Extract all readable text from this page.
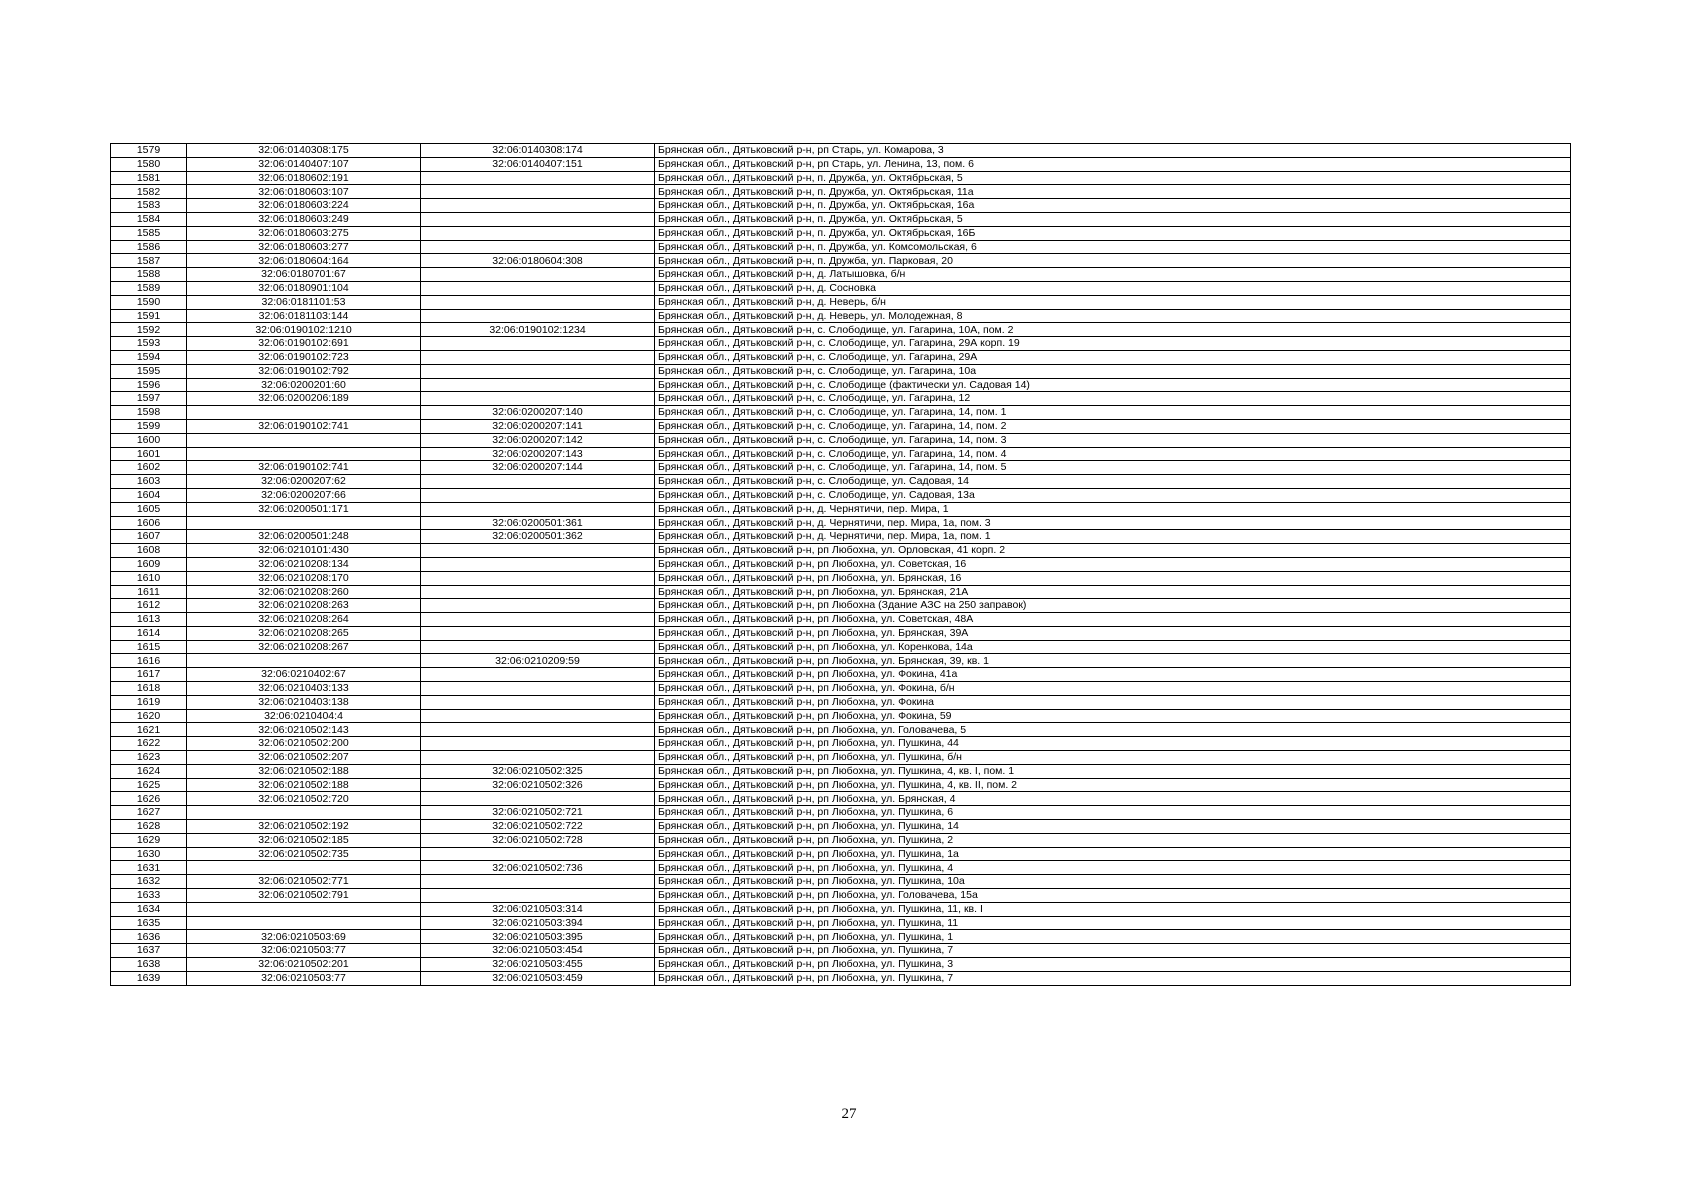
1579	32:06:0140308:175	32:06:0140308:174	Брянская обл., Дятьковский р-н, рп Старь, ул. Комарова, 3
1580	32:06:0140407:107	32:06:0140407:151	Брянская обл., Дятьковский р-н, рп Старь, ул. Ленина, 13, пом. 6
1581	32:06:0180602:191		Брянская обл., Дятьковский р-н, п. Дружба, ул. Октябрьская, 5
1582	32:06:0180603:107		Брянская обл., Дятьковский р-н, п. Дружба, ул. Октябрьская, 11а
1583	32:06:0180603:224		Брянская обл., Дятьковский р-н, п. Дружба, ул. Октябрьская, 16а
1584	32:06:0180603:249		Брянская обл., Дятьковский р-н, п. Дружба, ул. Октябрьская, 5
1585	32:06:0180603:275		Брянская обл., Дятьковский р-н, п. Дружба, ул. Октябрьская, 16Б
1586	32:06:0180603:277		Брянская обл., Дятьковский р-н, п. Дружба, ул. Комсомольская, 6
1587	32:06:0180604:164	32:06:0180604:308	Брянская обл., Дятьковский р-н, п. Дружба, ул. Парковая, 20
1588	32:06:0180701:67		Брянская обл., Дятьковский р-н, д. Латышовка, б/н
1589	32:06:0180901:104		Брянская обл., Дятьковский р-н, д. Сосновка
1590	32:06:0181101:53		Брянская обл., Дятьковский р-н, д. Неверь, б/н
1591	32:06:0181103:144		Брянская обл., Дятьковский р-н, д. Неверь, ул. Молодежная, 8
1592	32:06:0190102:1210	32:06:0190102:1234	Брянская обл., Дятьковский р-н, с. Слободище, ул. Гагарина, 10А, пом. 2
1593	32:06:0190102:691		Брянская обл., Дятьковский р-н, с. Слободище, ул. Гагарина, 29А корп. 19
1594	32:06:0190102:723		Брянская обл., Дятьковский р-н, с. Слободище, ул. Гагарина, 29А
1595	32:06:0190102:792		Брянская обл., Дятьковский р-н, с. Слободище, ул. Гагарина, 10а
1596	32:06:0200201:60		Брянская обл., Дятьковский р-н, с. Слободище (фактически ул. Садовая 14)
1597	32:06:0200206:189		Брянская обл., Дятьковский р-н, с. Слободище, ул. Гагарина, 12
1598		32:06:0200207:140	Брянская обл., Дятьковский р-н, с. Слободище, ул. Гагарина, 14, пом. 1
1599	32:06:0190102:741	32:06:0200207:141	Брянская обл., Дятьковский р-н, с. Слободище, ул. Гагарина, 14, пом. 2
1600		32:06:0200207:142	Брянская обл., Дятьковский р-н, с. Слободище, ул. Гагарина, 14, пом. 3
1601		32:06:0200207:143	Брянская обл., Дятьковский р-н, с. Слободище, ул. Гагарина, 14, пом. 4
1602	32:06:0190102:741	32:06:0200207:144	Брянская обл., Дятьковский р-н, с. Слободище, ул. Гагарина, 14, пом. 5
1603	32:06:0200207:62		Брянская обл., Дятьковский р-н, с. Слободище, ул. Садовая, 14
1604	32:06:0200207:66		Брянская обл., Дятьковский р-н, с. Слободище, ул. Садовая, 13а
1605	32:06:0200501:171		Брянская обл., Дятьковский р-н, д. Чернятичи, пер. Мира, 1
1606		32:06:0200501:361	Брянская обл., Дятьковский р-н, д. Чернятичи, пер. Мира, 1а, пом. 3
1607	32:06:0200501:248	32:06:0200501:362	Брянская обл., Дятьковский р-н, д. Чернятичи, пер. Мира, 1а, пом. 1
1608	32:06:0210101:430		Брянская обл., Дятьковский р-н, рп Любохна, ул. Орловская, 41 корп. 2
1609	32:06:0210208:134		Брянская обл., Дятьковский р-н, рп Любохна, ул. Советская, 16
1610	32:06:0210208:170		Брянская обл., Дятьковский р-н, рп Любохна, ул. Брянская, 16
1611	32:06:0210208:260		Брянская обл., Дятьковский р-н, рп Любохна, ул. Брянская, 21А
1612	32:06:0210208:263		Брянская обл., Дятьковский р-н, рп Любохна (Здание АЗС на 250 заправок)
1613	32:06:0210208:264		Брянская обл., Дятьковский р-н, рп Любохна, ул. Советская, 48А
1614	32:06:0210208:265		Брянская обл., Дятьковский р-н, рп Любохна, ул. Брянская, 39А
1615	32:06:0210208:267		Брянская обл., Дятьковский р-н, рп Любохна, ул. Коренкова, 14а
1616		32:06:0210209:59	Брянская обл., Дятьковский р-н, рп Любохна, ул. Брянская, 39, кв. 1
1617	32:06:0210402:67		Брянская обл., Дятьковский р-н, рп Любохна, ул. Фокина, 41а
1618	32:06:0210403:133		Брянская обл., Дятьковский р-н, рп Любохна, ул. Фокина, б/н
1619	32:06:0210403:138		Брянская обл., Дятьковский р-н, рп Любохна, ул. Фокина
1620	32:06:0210404:4		Брянская обл., Дятьковский р-н, рп Любохна, ул. Фокина, 59
1621	32:06:0210502:143		Брянская обл., Дятьковский р-н, рп Любохна, ул. Головачева, 5
1622	32:06:0210502:200		Брянская обл., Дятьковский р-н, рп Любохна, ул. Пушкина, 44
1623	32:06:0210502:207		Брянская обл., Дятьковский р-н, рп Любохна, ул. Пушкина, б/н
1624	32:06:0210502:188	32:06:0210502:325	Брянская обл., Дятьковский р-н, рп Любохна, ул. Пушкина, 4, кв. I, пом. 1
1625	32:06:0210502:188	32:06:0210502:326	Брянская обл., Дятьковский р-н, рп Любохна, ул. Пушкина, 4, кв. II, пом. 2
1626	32:06:0210502:720		Брянская обл., Дятьковский р-н, рп Любохна, ул. Брянская, 4
1627		32:06:0210502:721	Брянская обл., Дятьковский р-н, рп Любохна, ул. Пушкина, 6
1628	32:06:0210502:192	32:06:0210502:722	Брянская обл., Дятьковский р-н, рп Любохна, ул. Пушкина, 14
1629	32:06:0210502:185	32:06:0210502:728	Брянская обл., Дятьковский р-н, рп Любохна, ул. Пушкина, 2
1630	32:06:0210502:735		Брянская обл., Дятьковский р-н, рп Любохна, ул. Пушкина, 1а
1631		32:06:0210502:736	Брянская обл., Дятьковский р-н, рп Любохна, ул. Пушкина, 4
1632	32:06:0210502:771		Брянская обл., Дятьковский р-н, рп Любохна, ул. Пушкина, 10а
1633	32:06:0210502:791		Брянская обл., Дятьковский р-н, рп Любохна, ул. Головачева, 15а
1634		32:06:0210503:314	Брянская обл., Дятьковский р-н, рп Любохна, ул. Пушкина, 11, кв. I
1635		32:06:0210503:394	Брянская обл., Дятьковский р-н, рп Любохна, ул. Пушкина, 11
1636	32:06:0210503:69	32:06:0210503:395	Брянская обл., Дятьковский р-н, рп Любохна, ул. Пушкина, 1
1637	32:06:0210503:77	32:06:0210503:454	Брянская обл., Дятьковский р-н, рп Любохна, ул. Пушкина, 7
1638	32:06:0210502:201	32:06:0210503:455	Брянская обл., Дятьковский р-н, рп Любохна, ул. Пушкина, 3
1639	32:06:0210503:77	32:06:0210503:459	Брянская обл., Дятьковский р-н, рп Любохна, ул. Пушкина, 7
27
